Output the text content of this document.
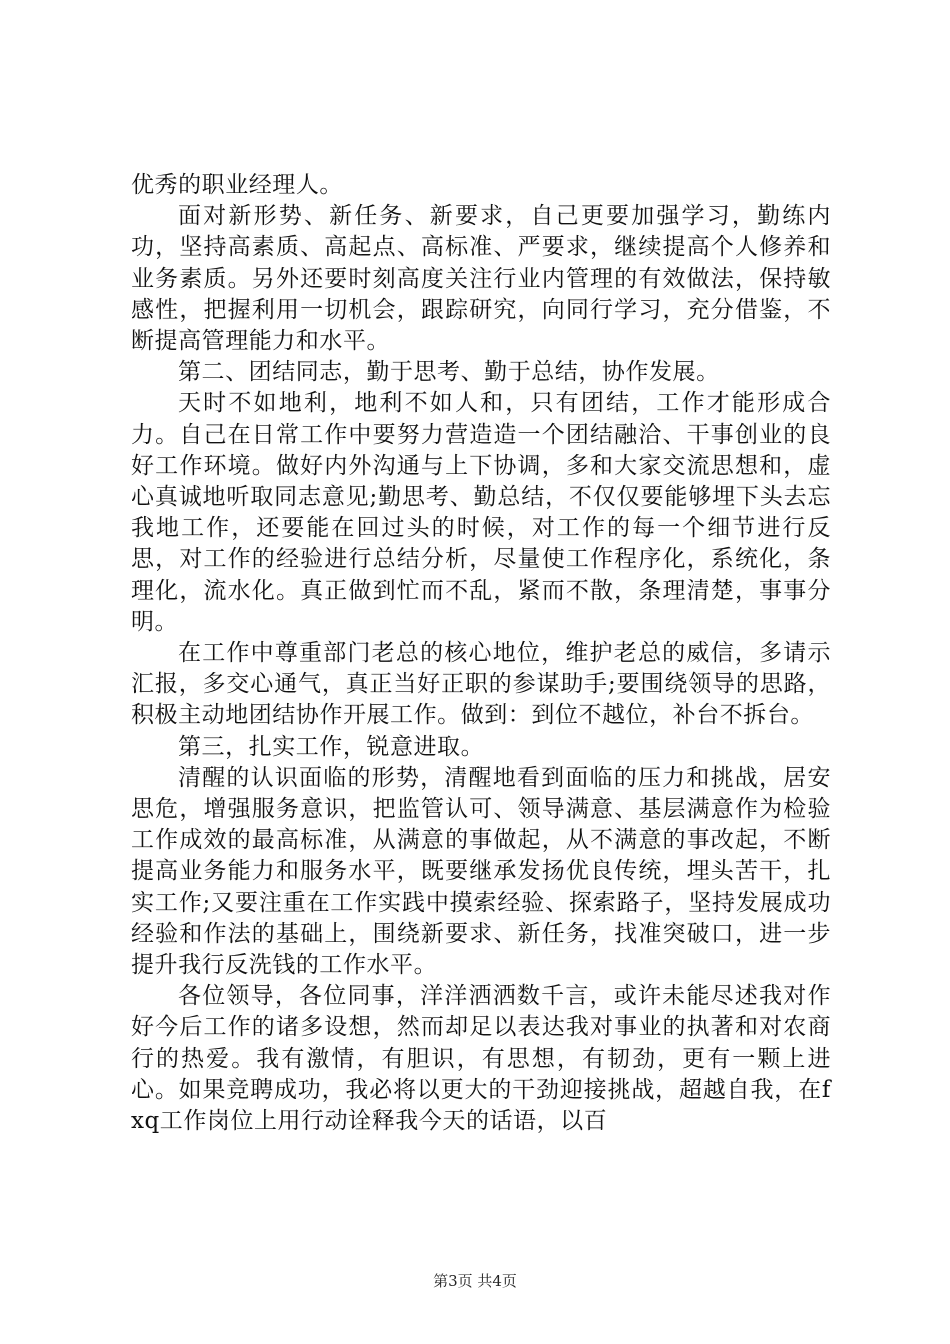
优秀的职业经理人。

面对新形势、新任务、新要求，自己更要加强学习，勤练内功，坚持高素质、高起点、高标准、严要求，继续提高个人修养和业务素质。另外还要时刻高度关注行业内管理的有效做法，保持敏感性，把握利用一切机会，跟踪研究，向同行学习，充分借鉴，不断提高管理能力和水平。

第二、团结同志，勤于思考、勤于总结，协作发展。

天时不如地利，地利不如人和，只有团结，工作才能形成合力。自己在日常工作中要努力营造造一个团结融洽、干事创业的良好工作环境。做好内外沟通与上下协调，多和大家交流思想和，虚心真诚地听取同志意见;勤思考、勤总结，不仅仅要能够埋下头去忘我地工作，还要能在回过头的时候，对工作的每一个细节进行反思，对工作的经验进行总结分析，尽量使工作程序化，系统化，条理化，流水化。真正做到忙而不乱，紧而不散，条理清楚，事事分明。

在工作中尊重部门老总的核心地位，维护老总的威信，多请示汇报，多交心通气，真正当好正职的参谋助手;要围绕领导的思路，积极主动地团结协作开展工作。做到：到位不越位，补台不拆台。

第三，扎实工作，锐意进取。

清醒的认识面临的形势，清醒地看到面临的压力和挑战，居安思危，增强服务意识，把监管认可、领导满意、基层满意作为检验工作成效的最高标准，从满意的事做起，从不满意的事改起，不断提高业务能力和服务水平，既要继承发扬优良传统，埋头苦干，扎实工作;又要注重在工作实践中摸索经验、探索路子，坚持发展成功经验和作法的基础上，围绕新要求、新任务，找准突破口，进一步提升我行反洗钱的工作水平。

各位领导，各位同事，洋洋洒洒数千言，或许未能尽述我对作好今后工作的诸多设想，然而却足以表达我对事业的执著和对农商行的热爱。我有激情，有胆识，有思想，有韧劲，更有一颗上进心。如果竞聘成功，我必将以更大的干劲迎接挑战，超越自我，在fxq工作岗位上用行动诠释我今天的话语，以百

第3页 共4页
